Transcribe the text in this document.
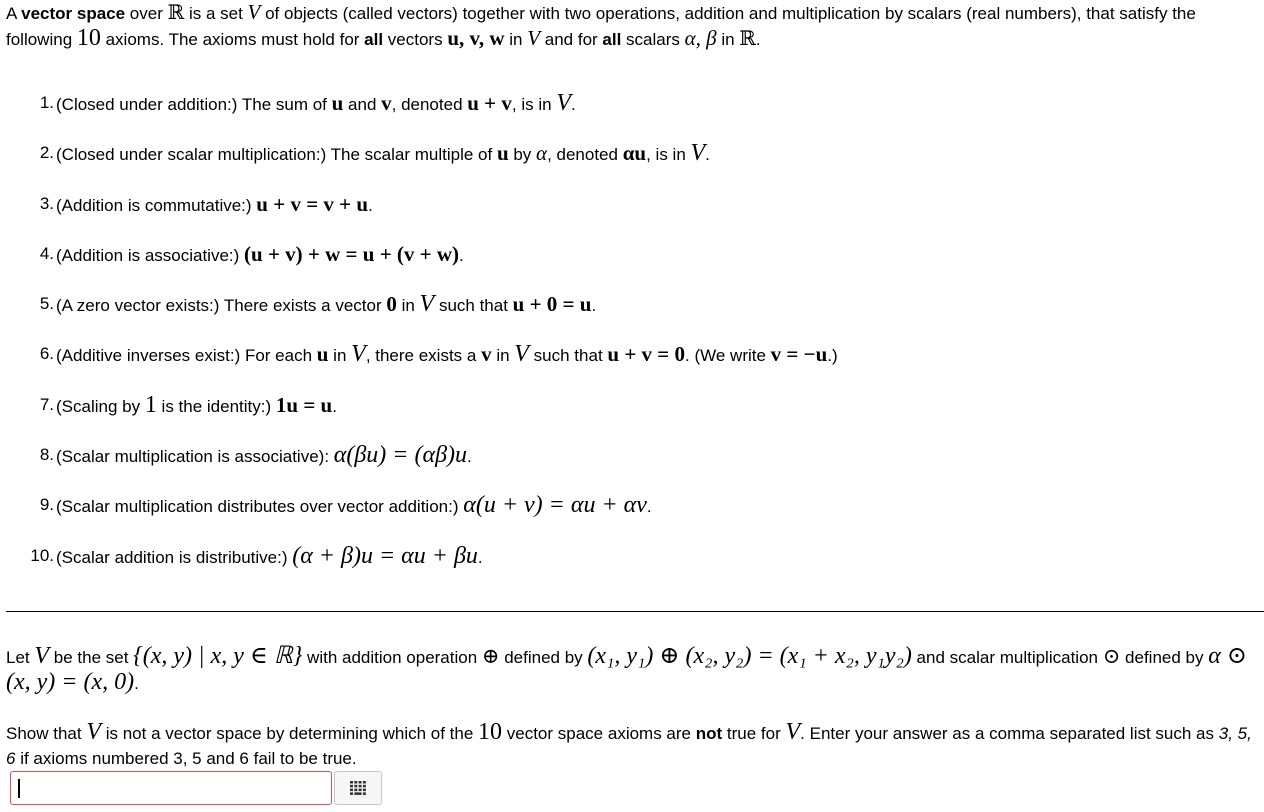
A vector space over ℝ is a set V of objects (called vectors) together with two operations, addition and multiplication by scalars (real numbers), that satisfy the following 10 axioms. The axioms must hold for all vectors u, v, w in V and for all scalars α, β in ℝ.

1. (Closed under addition:) The sum of u and v, denoted u + v, is in V.
2. (Closed under scalar multiplication:) The scalar multiple of u by α, denoted αu, is in V.
3. (Addition is commutative:) u + v = v + u.
4. (Addition is associative:) (u + v) + w = u + (v + w).
5. (A zero vector exists:) There exists a vector 0 in V such that u + 0 = u.
6. (Additive inverses exist:) For each u in V, there exists a v in V such that u + v = 0. (We write v = −u.)
7. (Scaling by 1 is the identity:) 1u = u.
8. (Scalar multiplication is associative): α(βu) = (αβ)u.
9. (Scalar multiplication distributes over vector addition:) α(u + v) = αu + αv.
10. (Scalar addition is distributive:) (α + β)u = αu + βu.

Let V be the set {(x, y) | x, y ∈ ℝ} with addition operation ⊕ defined by (x₁, y₁) ⊕ (x₂, y₂) = (x₁ + x₂, y₁y₂) and scalar multiplication ⊙ defined by α ⊙ (x, y) = (x, 0).

Show that V is not a vector space by determining which of the 10 vector space axioms are not true for V. Enter your answer as a comma separated list such as 3, 5, 6 if axioms numbered 3, 5 and 6 fail to be true.
